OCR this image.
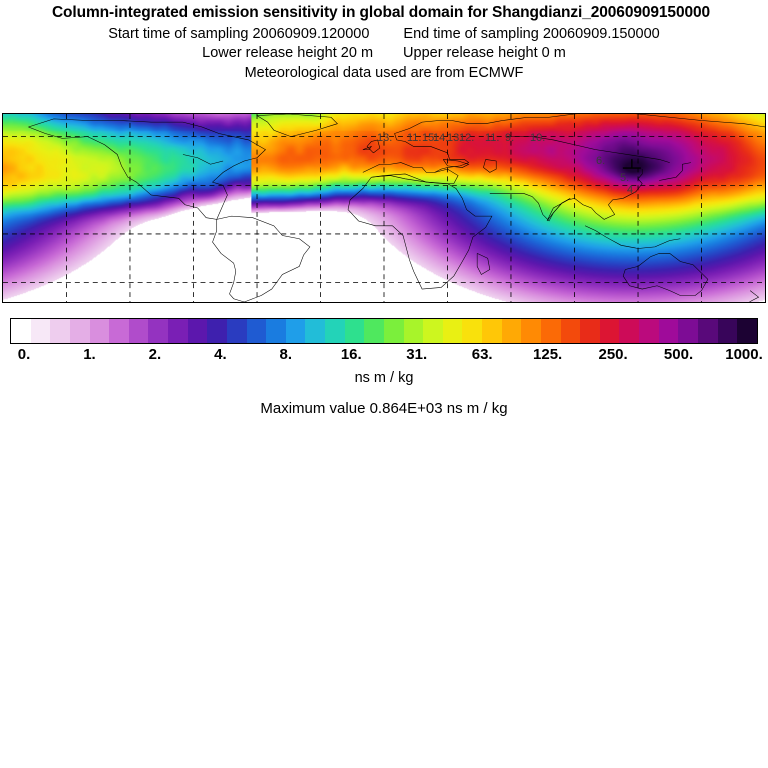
Column-integrated emission sensitivity in global domain for Shangdianzi_20060909150000
Start time of sampling 20060909.120000 End time of sampling 20060909.150000
Lower release height 20 m Upper release height 0 m
Meteorological data used are from ECMWF
13. 11. 15.
14.
13.
12. 11. 9. 10.
6.
5.
4.
0.	1.	2.	4.	8.	16.	31.	63.	125. 250. 500. 1000.
ns m / kg
Maximum value 0.864E+03 ns m / kg
